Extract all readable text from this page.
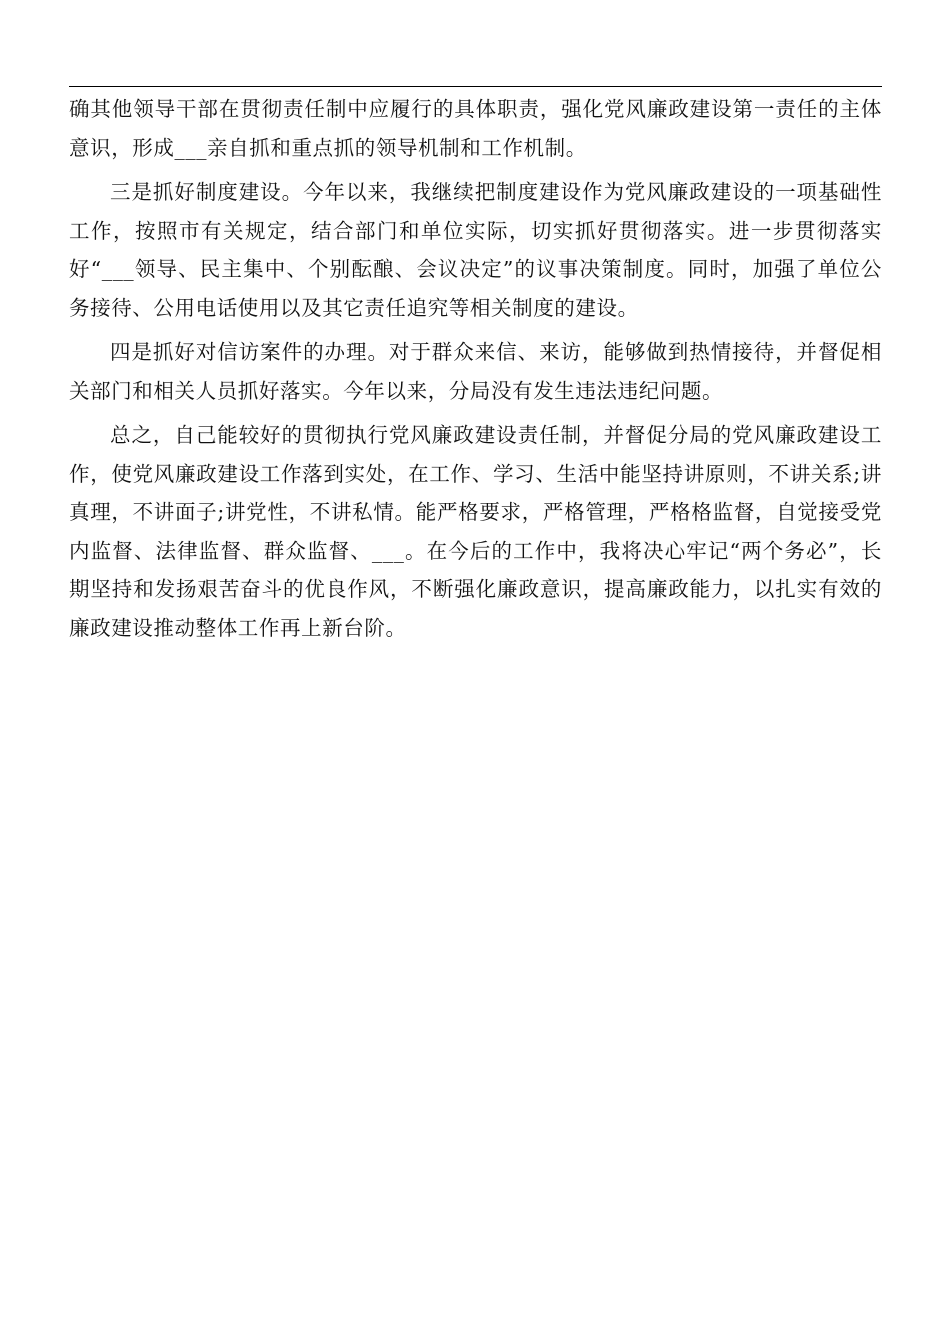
确其他领导干部在贯彻责任制中应履行的具体职责，强化党风廉政建设第一责任的主体意识，形成___亲自抓和重点抓的领导机制和工作机制。

三是抓好制度建设。今年以来，我继续把制度建设作为党风廉政建设的一项基础性工作，按照市有关规定，结合部门和单位实际，切实抓好贯彻落实。进一步贯彻落实好“___领导、民主集中、个别酝酿、会议决定”的议事决策制度。同时，加强了单位公务接待、公用电话使用以及其它责任追究等相关制度的建设。

四是抓好对信访案件的办理。对于群众来信、来访，能够做到热情接待，并督促相关部门和相关人员抓好落实。今年以来，分局没有发生违法违纪问题。

总之，自己能较好的贯彻执行党风廉政建设责任制，并督促分局的党风廉政建设工作，使党风廉政建设工作落到实处，在工作、学习、生活中能坚持讲原则，不讲关系;讲真理，不讲面子;讲党性，不讲私情。能严格要求，严格管理，严格格监督，自觉接受党内监督、法律监督、群众监督、___。在今后的工作中，我将决心牢记“两个务必”，长期坚持和发扬艰苦奋斗的优良作风，不断强化廉政意识，提高廉政能力，以扎实有效的廉政建设推动整体工作再上新台阶。
